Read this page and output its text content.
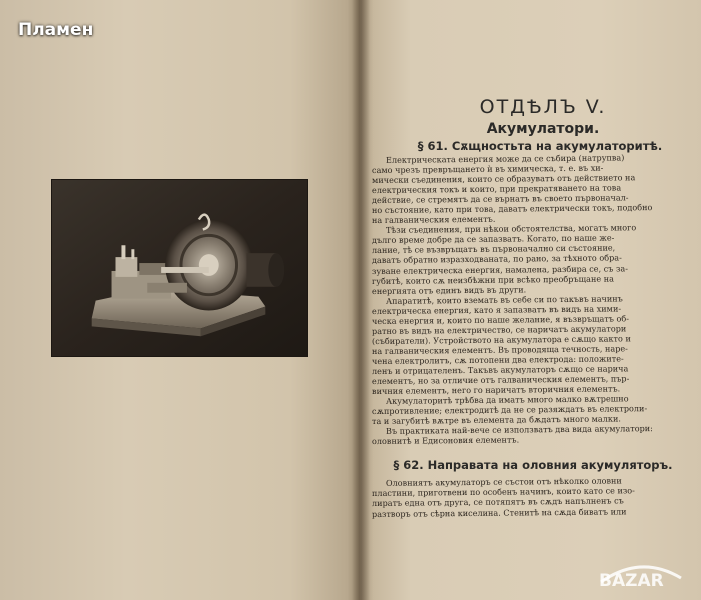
Пламен
ОТДѢЛЪ V.
Акумулатори.
§ 61. Сѫщностьта на акумулаторитѣ.
Електрическата енергия може да се събира (натрупва)
само чрезъ превръщането ѝ въ химическа, т. е. въ хи-
мически съединения, които се образуватъ отъ действието на
електрическия токъ и които, при прекратяването на това
действие, се стремятъ да се върнатъ въ своето първоначал-
но състояние, като при това, даватъ електрически токъ, подобно
на галваническия елементъ.
Тѣзи съединения, при нѣкои обстоятелства, могатъ много
дълго време добре да се запазватъ. Когато, по наше же-
лание, тѣ се възвръщатъ въ първоначално си състояние,
даватъ обратно изразходваната, по рано, за тѣхното обра-
зуване електрическа енергия, намалена, разбира се, съ за-
губитѣ, които сѫ неизбѣжни при всѣко преобръщане на
енергията отъ единъ видъ въ други.
Апаратитѣ, които вземать въ себе си по такъвъ начинъ
електрическа енергия, като я запазватъ въ видъ на хими-
ческа енергия и, които по наше желание, я възвръщатъ об-
ратно въ видъ на електричество, се наричатъ акумулатори
(събиратели). Устройството на акумулатора е сѫщо както и
на галваническия елементъ. Въ проводяща течность, наре-
чена електролитъ, сѫ потопени два електрода: положите-
ленъ и отрицателенъ. Такъвъ акумулаторъ сѫщо се нарича
елементъ, но за отличие отъ галваническия елементъ, пър-
вичния елементъ, него го наричатъ вторичния елементъ.
Акумулаторитѣ трѣбва да иматъ много малко вѫтрешно
сѫпротивление; електродитѣ да не се разяждатъ въ електроли-
та и загубитѣ вѫтре въ елемента да бѫдатъ много малки.
Въ практиката най-вече се използватъ два вида акумулатори:
оловнитѣ и Едисоновия елементъ.
§ 62. Направата на оловния акумуляторъ.
Оловниятъ акумулаторъ се състои отъ нѣколко оловни
пластини, приготвени по особенъ начинъ, които като се изо-
лиратъ една отъ друга, се потяпятъ въ сѫдъ напълненъ съ
разтворъ отъ сѣрна киселина. Стенитѣ на сѫда биватъ или
BAZAR
